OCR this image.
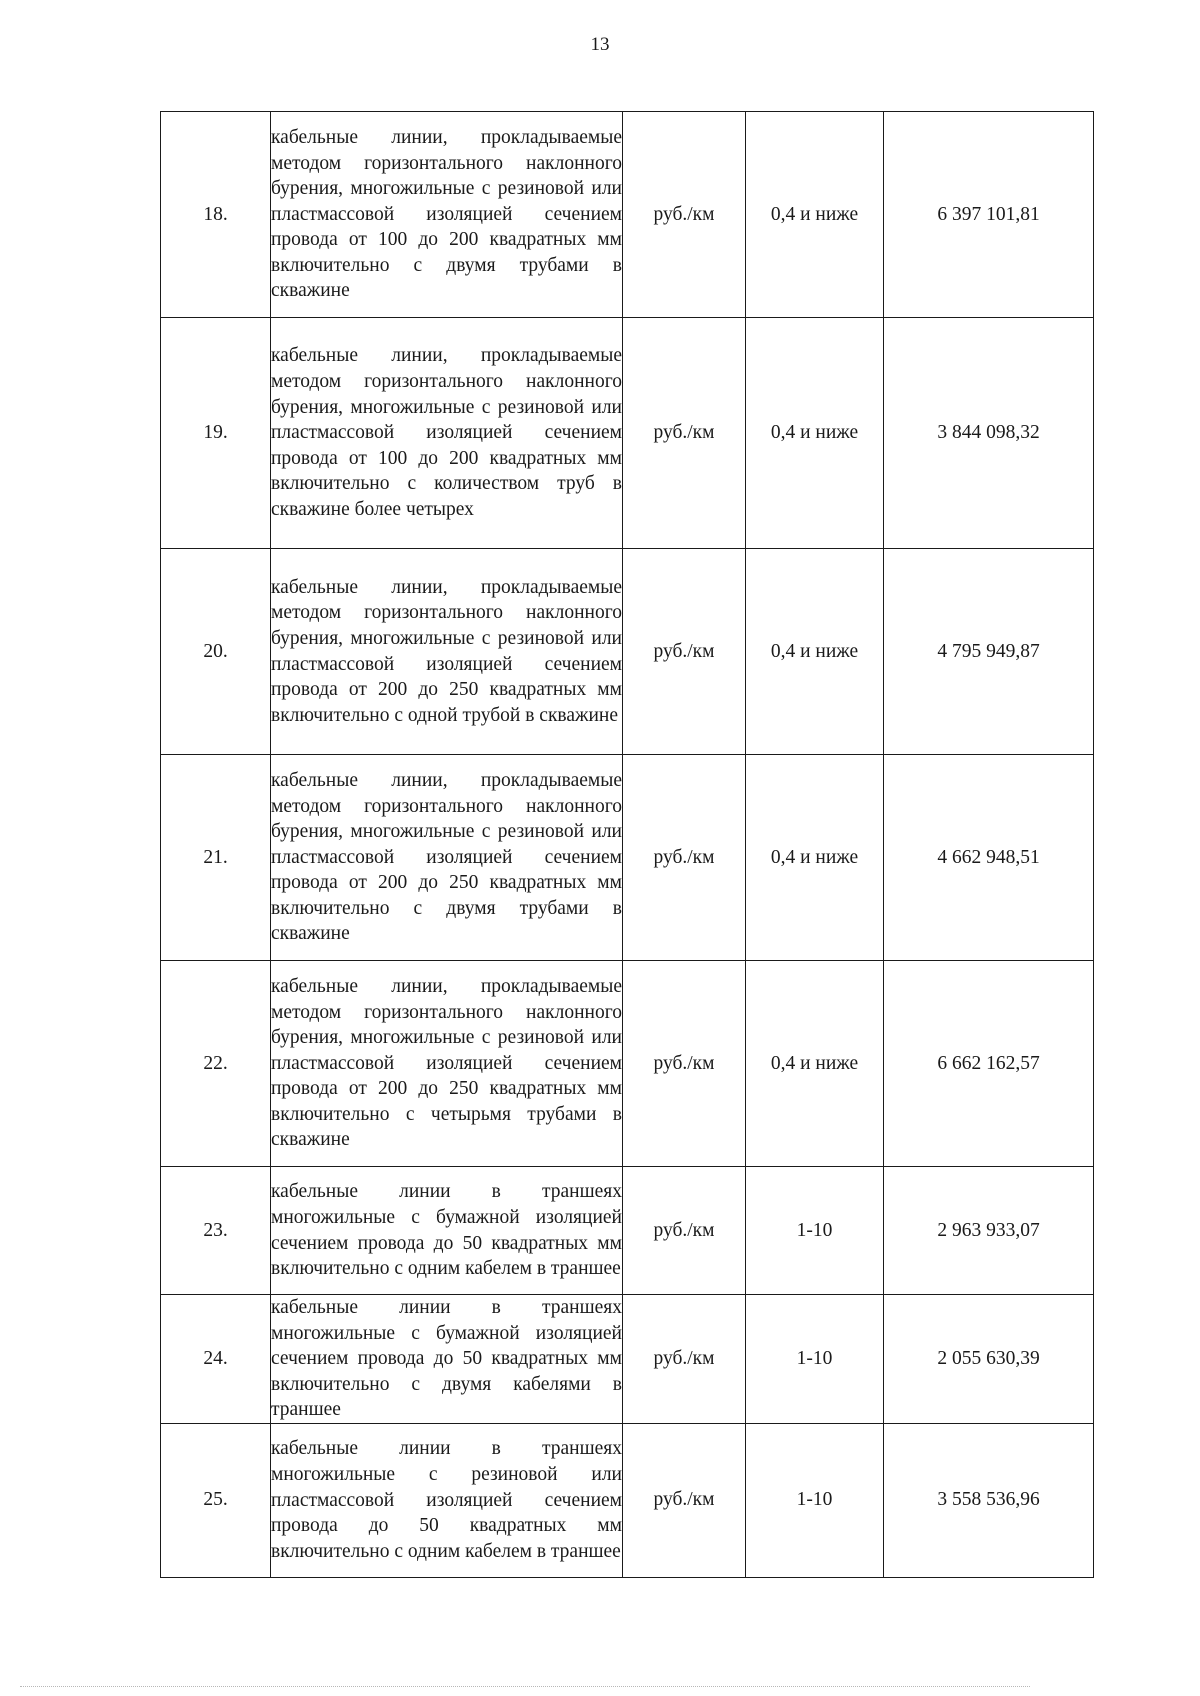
13
18.	кабельные линии, прокладываемые методом горизонтального наклонного бурения, многожильные с резиновой или пластмассовой изоляцией сечением провода от 100 до 200 квадратных мм включительно с двумя трубами в скважине	руб./км	0,4 и ниже	6 397 101,81
19.	кабельные линии, прокладываемые методом горизонтального наклонного бурения, многожильные с резиновой или пластмассовой изоляцией сечением провода от 100 до 200 квадратных мм включительно с количеством труб в скважине более четырех	руб./км	0,4 и ниже	3 844 098,32
20.	кабельные линии, прокладываемые методом горизонтального наклонного бурения, многожильные с резиновой или пластмассовой изоляцией сечением провода от 200 до 250 квадратных мм включительно с одной трубой в скважине	руб./км	0,4 и ниже	4 795 949,87
21.	кабельные линии, прокладываемые методом горизонтального наклонного бурения, многожильные с резиновой или пластмассовой изоляцией сечением провода от 200 до 250 квадратных мм включительно с двумя трубами в скважине	руб./км	0,4 и ниже	4 662 948,51
22.	кабельные линии, прокладываемые методом горизонтального наклонного бурения, многожильные с резиновой или пластмассовой изоляцией сечением провода от 200 до 250 квадратных мм включительно с четырьмя трубами в скважине	руб./км	0,4 и ниже	6 662 162,57
23.	кабельные линии в траншеях многожильные с бумажной изоляцией сечением провода до 50 квадратных мм включительно с одним кабелем в траншее	руб./км	1-10	2 963 933,07
24.	кабельные линии в траншеях многожильные с бумажной изоляцией сечением провода до 50 квадратных мм включительно с двумя кабелями в траншее	руб./км	1-10	2 055 630,39
25.	кабельные линии в траншеях многожильные с резиновой или пластмассовой изоляцией сечением провода до 50 квадратных мм включительно с одним кабелем в траншее	руб./км	1-10	3 558 536,96
